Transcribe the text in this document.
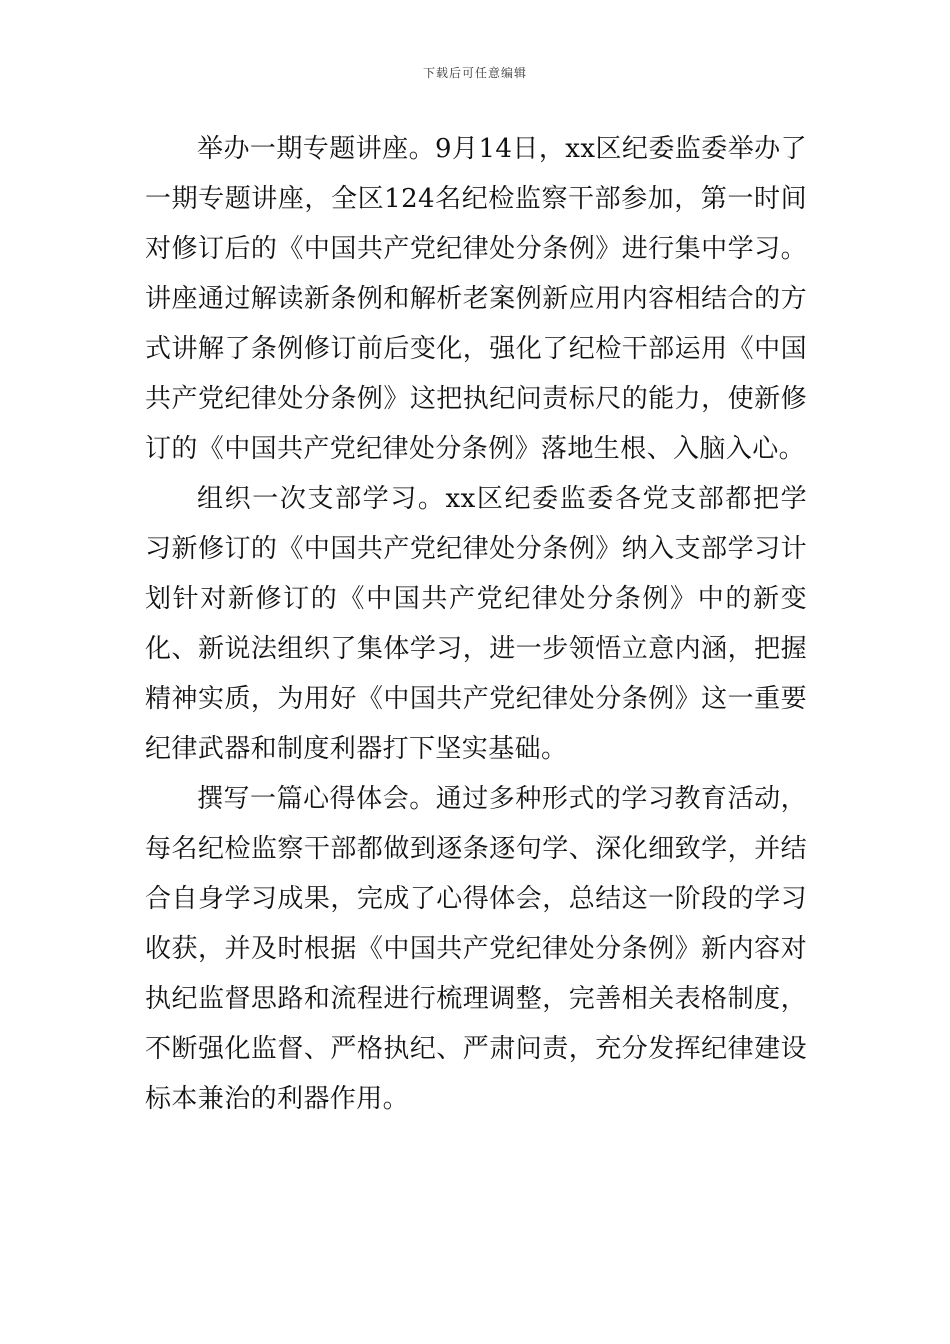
下载后可任意编辑

举办一期专题讲座。9月14日，xx区纪委监委举办了一期专题讲座，全区124名纪检监察干部参加，第一时间对修订后的《中国共产党纪律处分条例》进行集中学习。讲座通过解读新条例和解析老案例新应用内容相结合的方式讲解了条例修订前后变化，强化了纪检干部运用《中国共产党纪律处分条例》这把执纪问责标尺的能力，使新修订的《中国共产党纪律处分条例》落地生根、入脑入心。

组织一次支部学习。xx区纪委监委各党支部都把学习新修订的《中国共产党纪律处分条例》纳入支部学习计划针对新修订的《中国共产党纪律处分条例》中的新变化、新说法组织了集体学习，进一步领悟立意内涵，把握精神实质，为用好《中国共产党纪律处分条例》这一重要纪律武器和制度利器打下坚实基础。

撰写一篇心得体会。通过多种形式的学习教育活动，每名纪检监察干部都做到逐条逐句学、深化细致学，并结合自身学习成果，完成了心得体会，总结这一阶段的学习收获，并及时根据《中国共产党纪律处分条例》新内容对执纪监督思路和流程进行梳理调整，完善相关表格制度，不断强化监督、严格执纪、严肃问责，充分发挥纪律建设标本兼治的利器作用。
